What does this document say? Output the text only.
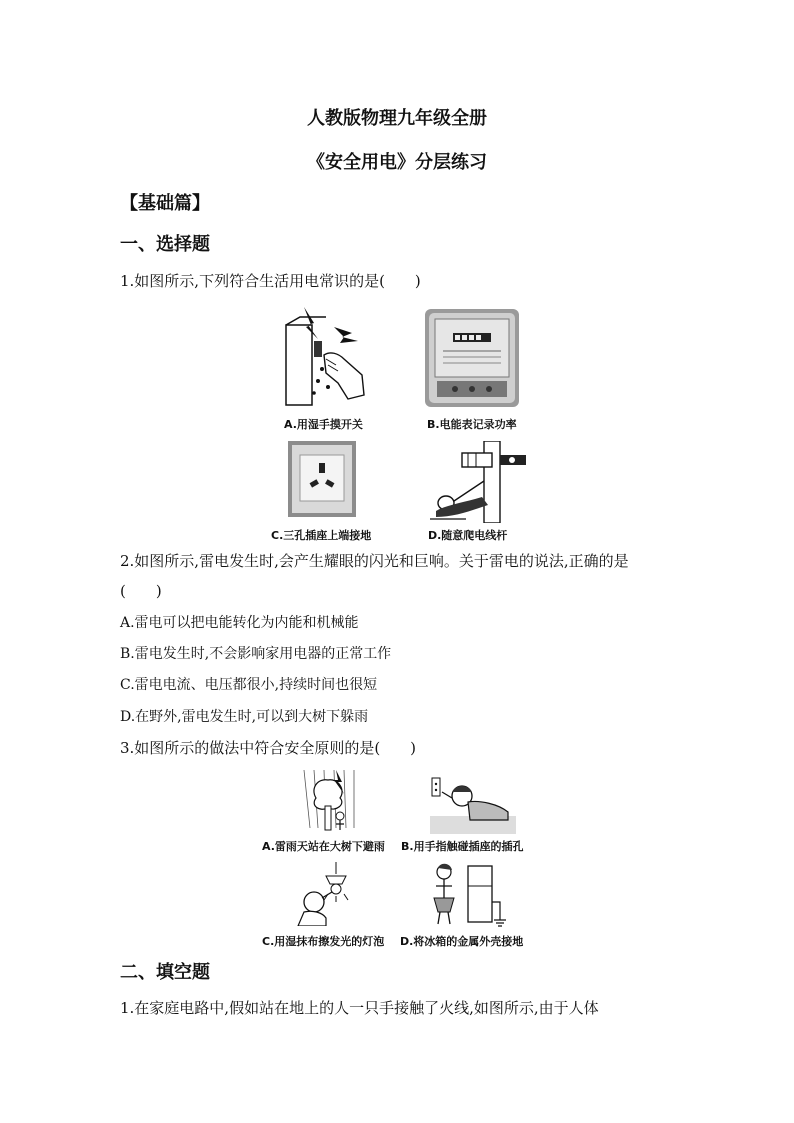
人教版物理九年级全册
《安全用电》分层练习
【基础篇】
一、选择题
1.如图所示,下列符合生活用电常识的是(　　)
A.用湿手摸开关	B.电能表记录功率
C.三孔插座上端接地	D.随意爬电线杆
2.如图所示,雷电发生时,会产生耀眼的闪光和巨响。关于雷电的说法,正确的是
(　　)
A.雷电可以把电能转化为内能和机械能
B.雷电发生时,不会影响家用电器的正常工作
C.雷电电流、电压都很小,持续时间也很短
D.在野外,雷电发生时,可以到大树下躲雨
3.如图所示的做法中符合安全原则的是(　　)
A.雷雨天站在大树下避雨 B.用手指触碰插座的插孔
C.用湿抹布擦发光的灯泡 D.将冰箱的金属外壳接地
二、填空题
1.在家庭电路中,假如站在地上的人一只手接触了火线,如图所示,由于人体
